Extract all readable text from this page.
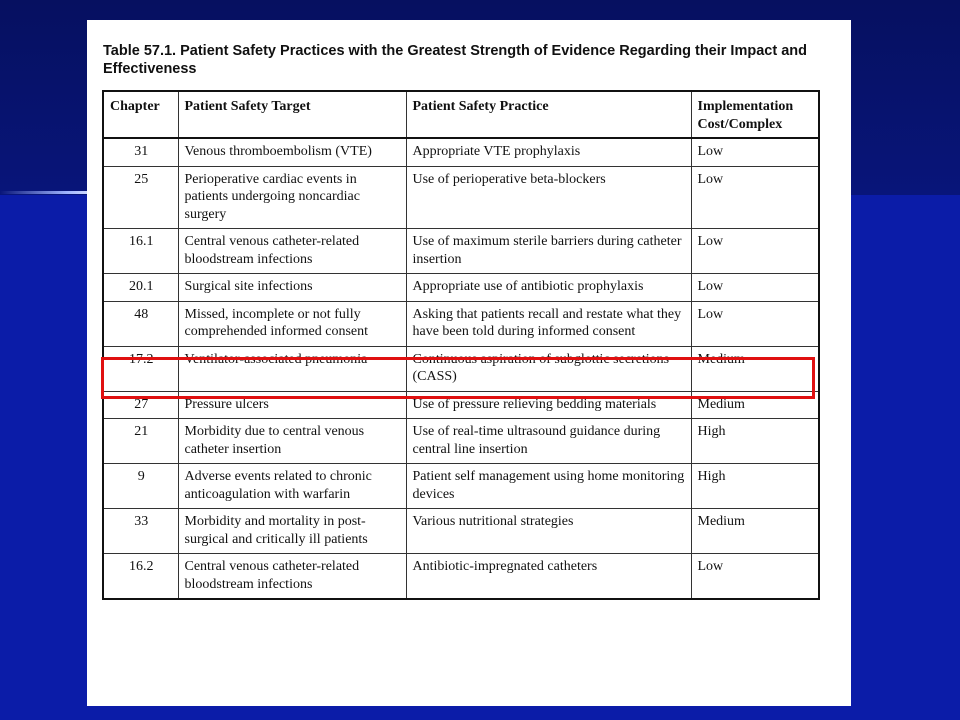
Table 57.1. Patient Safety Practices with the Greatest Strength of Evidence Regarding their Impact and Effectiveness
Chapter	Patient Safety Target	Patient Safety Practice	Implementation Cost/Complex
31	Venous thromboembolism (VTE)	Appropriate VTE prophylaxis	Low
25	Perioperative cardiac events in patients undergoing noncardiac surgery	Use of perioperative beta-blockers	Low
16.1	Central venous catheter-related bloodstream infections	Use of maximum sterile barriers during catheter insertion	Low
20.1	Surgical site infections	Appropriate use of antibiotic prophylaxis	Low
48	Missed, incomplete or not fully comprehended informed consent	Asking that patients recall and restate what they have been told during informed consent	Low
17.2	Ventilator-associated pneumonia	Continuous aspiration of subglottic secretions (CASS)	Medium
27	Pressure ulcers	Use of pressure relieving bedding materials	Medium
21	Morbidity due to central venous catheter insertion	Use of real-time ultrasound guidance during central line insertion	High
9	Adverse events related to chronic anticoagulation with warfarin	Patient self management using home monitoring devices	High
33	Morbidity and mortality in post-surgical and critically ill patients	Various nutritional strategies	Medium
16.2	Central venous catheter-related bloodstream infections	Antibiotic-impregnated catheters	Low
